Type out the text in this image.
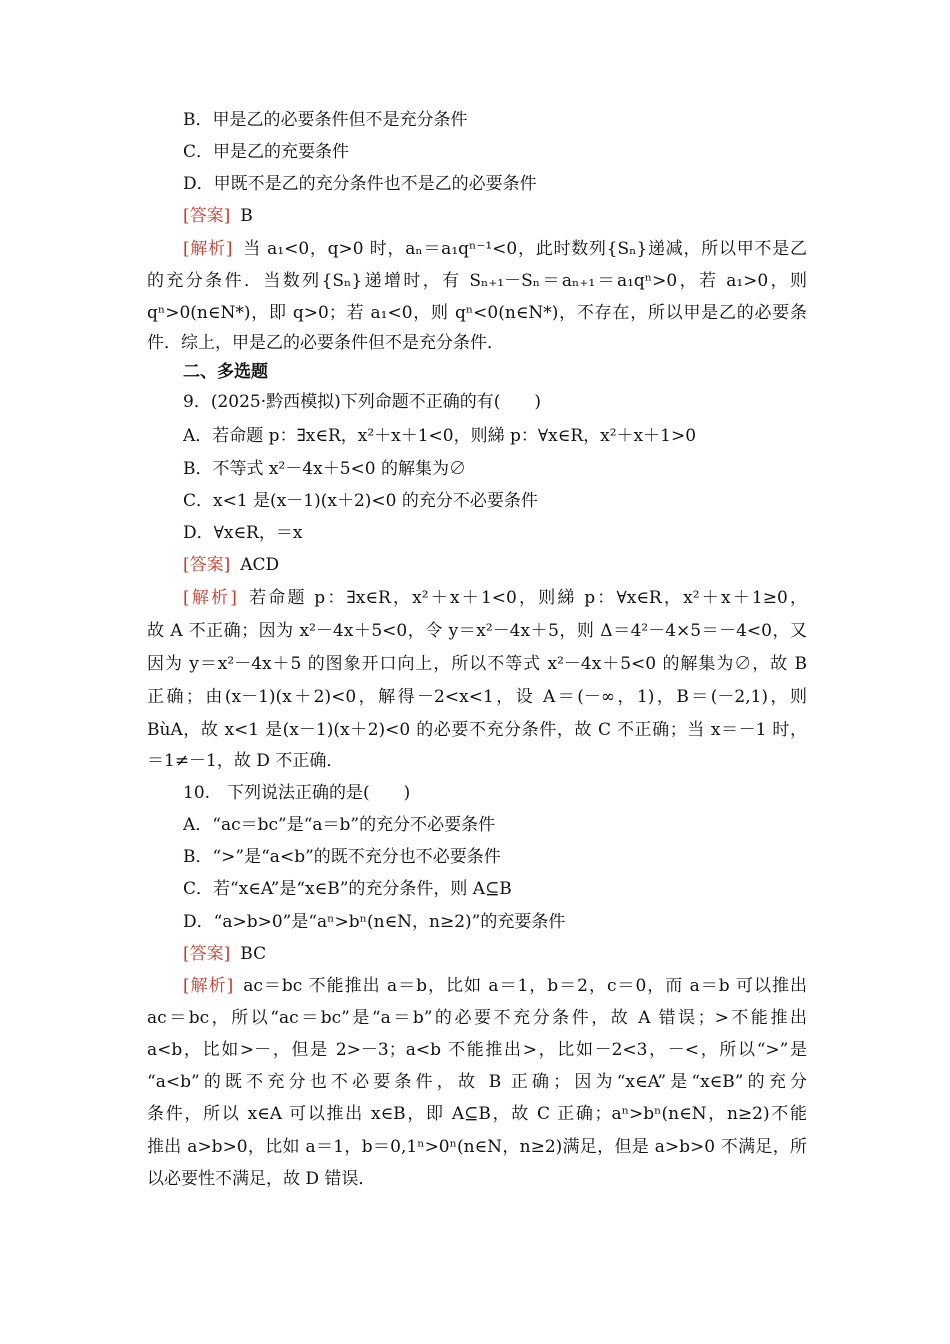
B．甲是乙的必要条件但不是充分条件
C．甲是乙的充要条件
D．甲既不是乙的充分条件也不是乙的必要条件
[答案] B
[解析] 当 a₁<0，q>0 时，aₙ＝a₁qⁿ⁻¹<0，此时数列{Sₙ}递减，所以甲不是乙
的充分条件．当数列{Sₙ}递增时，有 Sₙ₊₁－Sₙ＝aₙ₊₁＝a₁qⁿ>0，若 a₁>0，则
qⁿ>0(n∈N*)，即 q>0；若 a₁<0，则 qⁿ<0(n∈N*)，不存在，所以甲是乙的必要条
件．综上，甲是乙的必要条件但不是充分条件．
二、多选题
9．(2025·黔西模拟)下列命题不正确的有(　　)
A．若命题 p：∃x∈R，x²＋x＋1<0，则綈 p：∀x∈R，x²＋x＋1>0
B．不等式 x²－4x＋5<0 的解集为∅
C．x<1 是(x－1)(x＋2)<0 的充分不必要条件
D．∀x∈R，＝x
[答案] ACD
[解析] 若命题 p：∃x∈R，x²＋x＋1<0，则綈 p：∀x∈R，x²＋x＋1≥0，
故 A 不正确；因为 x²－4x＋5<0，令 y＝x²－4x＋5，则 Δ＝4²－4×5＝－4<0，又
因为 y＝x²－4x＋5 的图象开口向上，所以不等式 x²－4x＋5<0 的解集为∅，故 B
正确；由(x－1)(x＋2)<0，解得－2<x<1，设 A＝(－∞，1)，B＝(－2,1)，则
BùA，故 x<1 是(x－1)(x＋2)<0 的必要不充分条件，故 C 不正确；当 x＝－1 时，
＝1≠－1，故 D 不正确．
10.　下列说法正确的是(　　)
A．“ac＝bc”是“a＝b”的充分不必要条件
B．“>”是“a<b”的既不充分也不必要条件
C．若“x∈A”是“x∈B”的充分条件，则 A⊆B
D．“a>b>0”是“aⁿ>bⁿ(n∈N，n≥2)”的充要条件
[答案] BC
[解析] ac＝bc 不能推出 a＝b，比如 a＝1，b＝2，c＝0，而 a＝b 可以推出
ac＝bc，所以“ac＝bc”是“a＝b”的必要不充分条件，故 A 错误；>不能推出
a<b，比如>－，但是 2>－3；a<b 不能推出>，比如－2<3，－<，所以“>”是
“a<b”的既不充分也不必要条件，故 B 正确；因为“x∈A”是“x∈B”的充分
条件，所以 x∈A 可以推出 x∈B，即 A⊆B，故 C 正确；aⁿ>bⁿ(n∈N，n≥2)不能
推出 a>b>0，比如 a＝1，b＝0,1ⁿ>0ⁿ(n∈N，n≥2)满足，但是 a>b>0 不满足，所
以必要性不满足，故 D 错误．
